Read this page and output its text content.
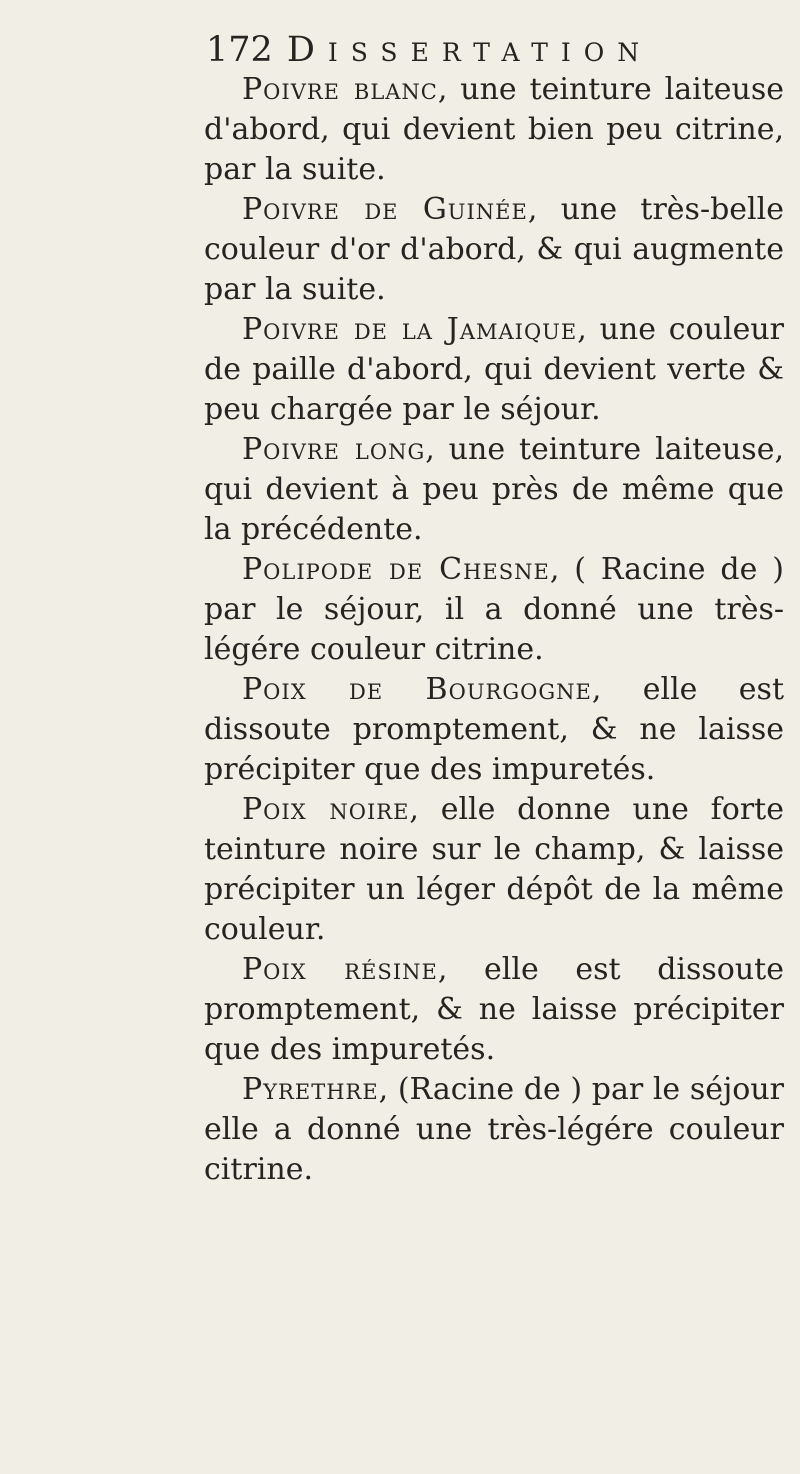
172 Dissertation

Poivre blanc, une teinture laiteuse d'abord, qui devient bien peu citrine, par la suite.

Poivre de Guinée, une très-belle couleur d'or d'abord, & qui augmente par la suite.

Poivre de la Jamaique, une couleur de paille d'abord, qui devient verte & peu chargée par le séjour.

Poivre long, une teinture laiteuse, qui devient à peu près de même que la précédente.

Polipode de Chesne, ( Racine de ) par le séjour, il a donné une très-légére couleur citrine.

Poix de Bourgogne, elle est dissoute promptement, & ne laisse précipiter que des impuretés.

Poix noire, elle donne une forte teinture noire sur le champ, & laisse précipiter un léger dépôt de la même couleur.

Poix résine, elle est dissoute promptement, & ne laisse précipiter que des impuretés.

Pyrethre, (Racine de ) par le séjour elle a donné une très-légére couleur citrine.
